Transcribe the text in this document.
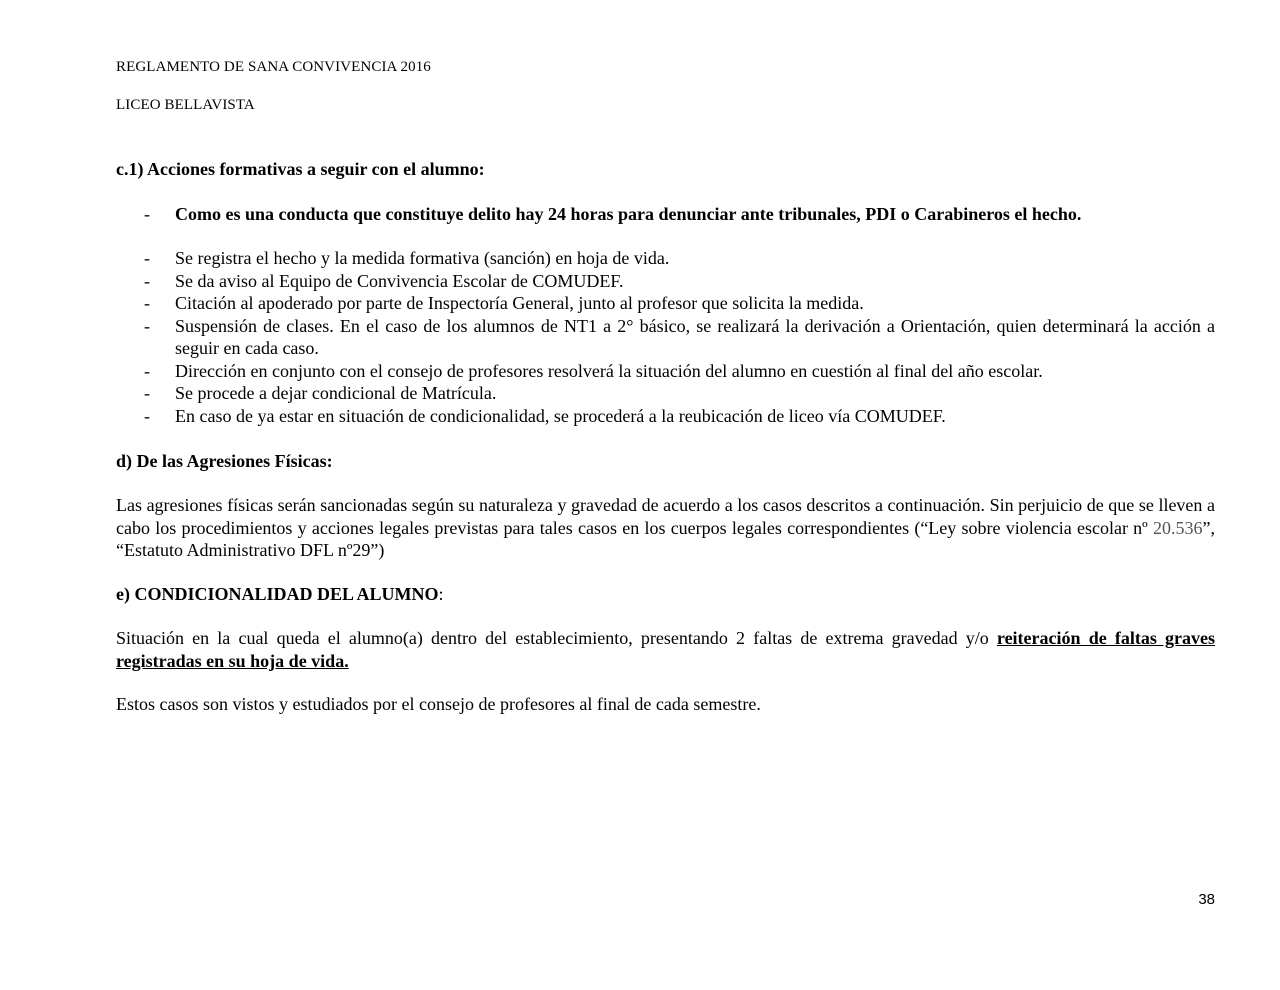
REGLAMENTO DE SANA CONVIVENCIA 2016
LICEO BELLAVISTA
c.1) Acciones formativas a seguir con el alumno:
- Como es una conducta que constituye delito hay 24 horas para denunciar ante tribunales, PDI o Carabineros el hecho.
- Se registra el hecho y la medida formativa (sanción) en hoja de vida.
- Se da aviso al Equipo de Convivencia Escolar de COMUDEF.
- Citación al apoderado por parte de Inspectoría General, junto al profesor que solicita la medida.
- Suspensión de clases. En el caso de los alumnos de NT1 a 2° básico, se realizará la derivación a Orientación, quien determinará la acción a seguir en cada caso.
- Dirección en conjunto con el consejo de profesores resolverá la situación del alumno en cuestión al final del año escolar.
- Se procede a dejar condicional de Matrícula.
- En caso de ya estar en situación de condicionalidad, se procederá a la reubicación de liceo vía COMUDEF.
d) De las Agresiones Físicas:

Las agresiones físicas serán sancionadas según su naturaleza y gravedad de acuerdo a los casos descritos a continuación. Sin perjuicio de que se lleven a cabo los procedimientos y acciones legales previstas para tales casos en los cuerpos legales correspondientes (“Ley sobre violencia escolar nº 20.536”, “Estatuto Administrativo DFL nº29”)

e) CONDICIONALIDAD DEL ALUMNO:

Situación en la cual queda el alumno(a) dentro del establecimiento, presentando 2 faltas de extrema gravedad y/o reiteración de faltas graves registradas en su hoja de vida.

Estos casos son vistos y estudiados por el consejo de profesores al final de cada semestre.

38
